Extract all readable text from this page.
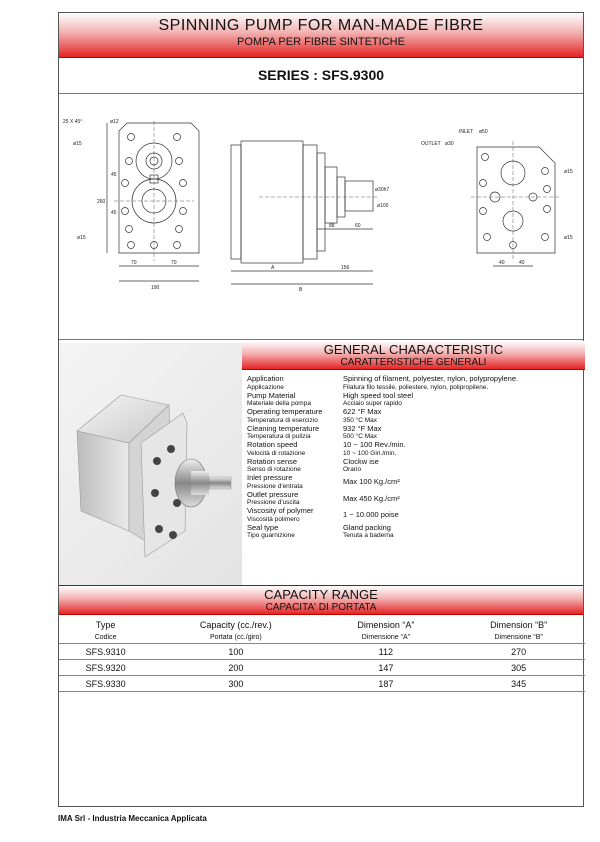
SPINNING PUMP FOR MAN-MADE FIBRE
POMPA PER FIBRE SINTETICHE
SERIES : SFS.9300
25 X 45°	ø12
ø15
45
45
260
ø15
70	70
190
88	60
A	156
B
ø30h7
ø100
OUTLET ø30
INLET ø50
ø15
ø15
40	40
GENERAL CHARACTERISTIC
CARATTERISTICHE GENERALI
Application	Spinning of filament, polyester, nylon, polypropylene.
Applicazione	Filatura filo tessile, poliestere, nylon, polipropilene.
Pump Material	High speed tool steel
Materiale della pompa	Acciaio super rapido
Operating temperature	622 °F Max
Temperatura di esercizio	350 °C Max
Cleaning temperature	932 °F Max
Temperatura di pulizia	500 °C Max
Rotation speed	10 ~ 100 Rev./min.
Velocità di rotazione	10 ~ 100 Giri./min.
Rotation sense	Clockw ise
Senso di rotazione	Orario
Inlet pressure
Pressione d'entrata	Max 100 Kg./cm²
Outlet pressure
Pressione d'uscita	Max 450 Kg./cm²
Viscosity of polymer
Viscosità polimero	1 ~ 10.000 poise
Seal type	Gland packing
Tipo guarnizione	Tenuta a baderna
CAPACITY RANGE
CAPACITA' DI PORTATA
Type	Capacity (cc./rev.)	Dimension “A”	Dimension “B”
Codice	Portata (cc./giro)	Dimensione “A”	Dimensione “B”
SFS.9310	100	112	270
SFS.9320	200	147	305
SFS.9330	300	187	345
IMA Srl - Industria Meccanica Applicata
